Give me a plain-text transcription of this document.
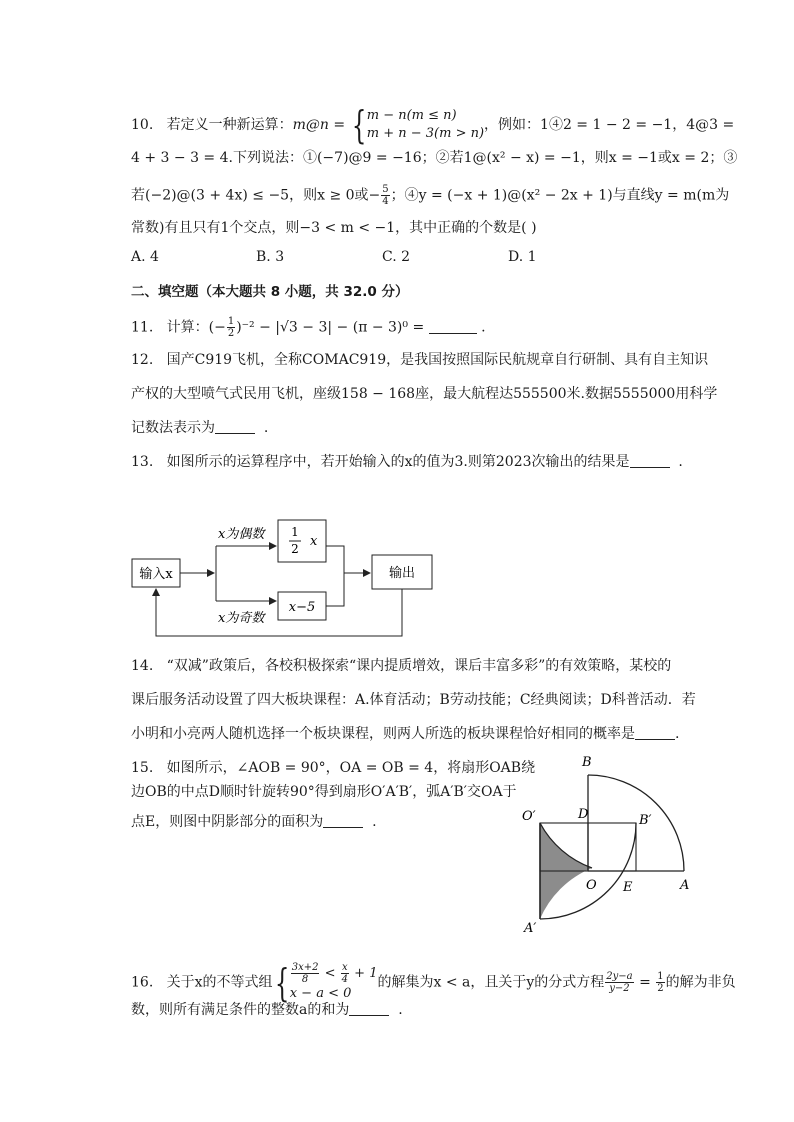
10. 若定义一种新运算：m@n = {m − n(m ≤ n)
m + n − 3(m > n)，例如：1④2 = 1 − 2 = −1，4@3 =
4 + 3 − 3 = 4.下列说法：①(−7)@9 = −16；②若1@(x² − x) = −1，则x = −1或x = 2；③
若(−2)@(3 + 4x) ≤ −5，则x ≥ 0或− $\frac{5}{4}$ ；④y = (−x + 1)@(x² − 2x + 1)与直线y = m(m为
常数)有且只有1个交点，则−3 < m < −1，其中正确的个数是( )
A. 4	B. 3	C. 2	D. 1
二、填空题（本大题共 8 小题，共 32.0 分）
11. 计算：(− $\frac{1}{2} )^{-2} - |√3 - 3| - (\pi - 3)^0$ =	.
12. 国产C919飞机，全称COMAC919，是我国按照国际民航规章自行研制、具有自主知识
产权的大型喷气式民用飞机，座级158 − 168座，最大航程达555500米.数据5555000用科学
记数法表示为	.
13. 如图所示的运算程序中，若开始输入的x的值为3.则第2023次输出的结果是	.
输入x
x为偶数
x为奇数
1
2 x
x−5
输出
14. “双减”政策后，各校积极探索“课内提质增效，课后丰富多彩”的有效策略，某校的
课后服务活动设置了四大板块课程：A.体育活动；B劳动技能；C经典阅读；D科普活动．若
小明和小亮两人随机选择一个板块课程，则两人所选的板块课程恰好相同的概率是	.
15. 如图所示，∠AOB = 90°，OA = OB = 4，将扇形OAB绕
边OB的中点D顺时针旋转90°得到扇形O′A′B′，弧A′B′交OA于
点E，则图中阴影部分的面积为	.
B
D	B′
O′
O E	A
A′
16. 关于x的不等式组{ $\frac{3x+2}{8} < \frac{x}{4} + 1$
x − a < 0的解集为x < a，且关于y的分式方程 $\frac{2y-a}{y-2} = \frac{1}{2}$ 的解为非负
数，则所有满足条件的整数a的和为	.
